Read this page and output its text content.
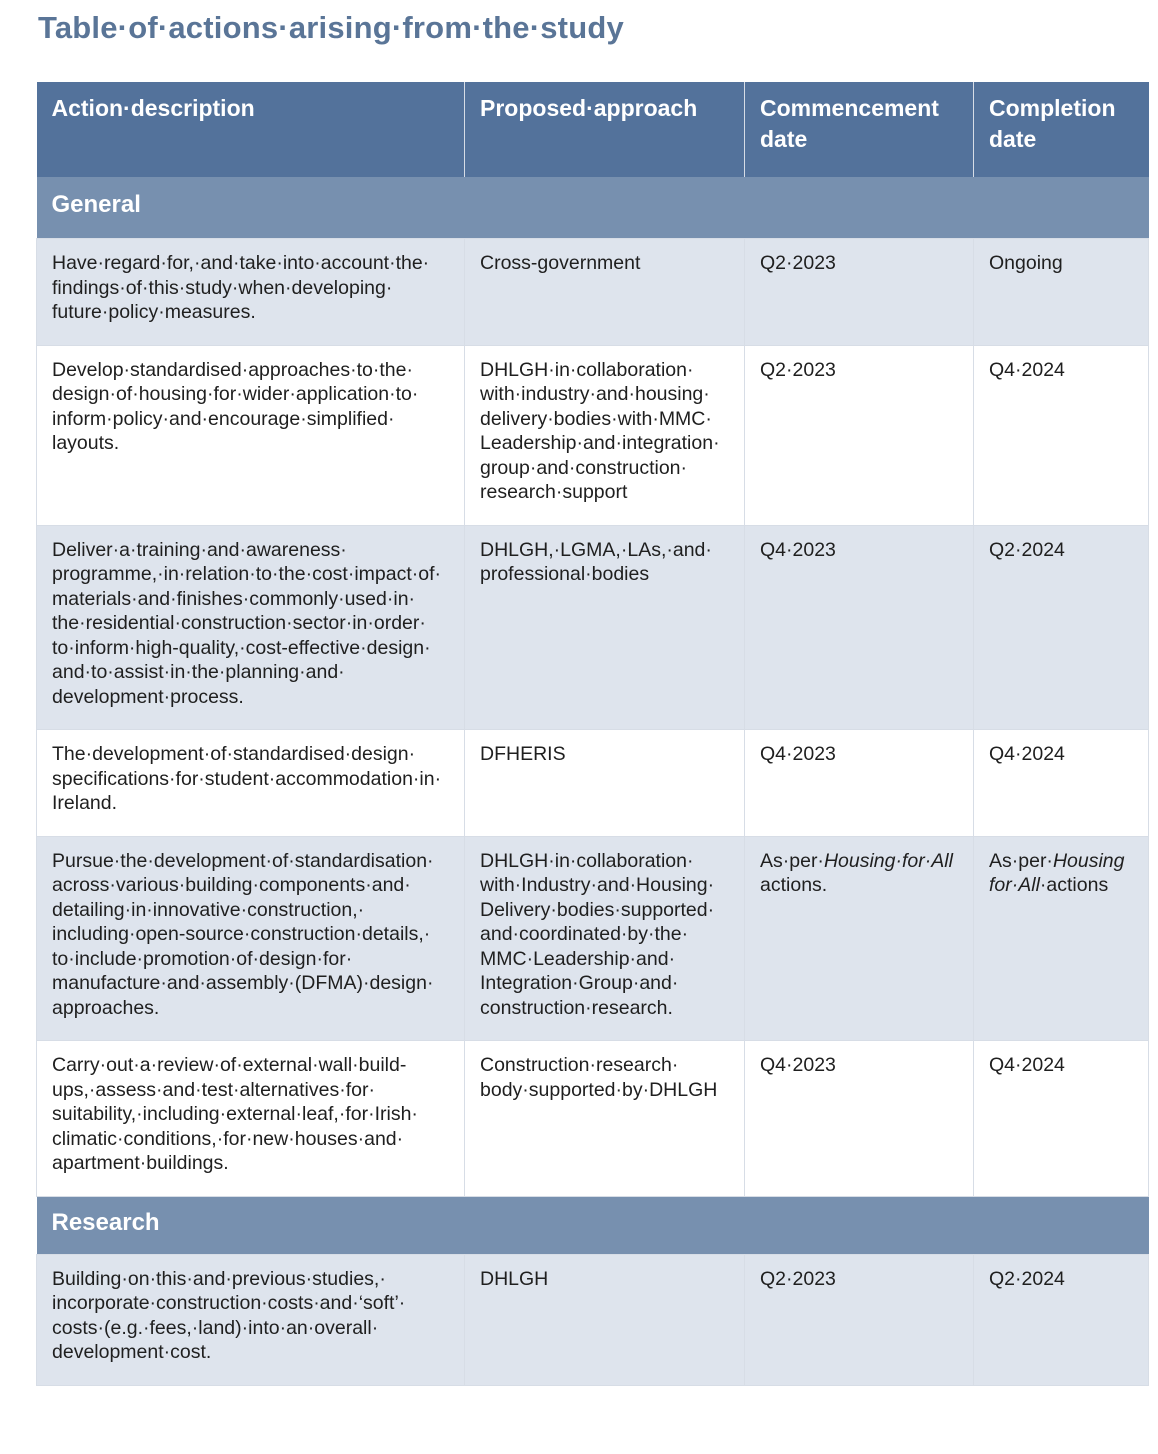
Table·of·actions·arising·from·the·study
Action·description	Proposed·approach	Commencement date	Completion date
General			
Have·regard·for,·and·take·into·account·the· findings·of·this·study·when·developing· future·policy·measures.	Cross-government	Q2·2023	Ongoing
Develop·standardised·approaches·to·the· design·of·housing·for·wider·application·to· inform·policy·and·encourage·simplified· layouts.	DHLGH·in·collaboration· with·industry·and·housing· delivery·bodies·with·MMC· Leadership·and·integration· group·and·construction· research·support	Q2·2023	Q4·2024
Deliver·a·training·and·awareness· programme,·in·relation·to·the·cost·impact·of· materials·and·finishes·commonly·used·in· the·residential·construction·sector·in·order· to·inform·high-quality,·cost-effective·design· and·to·assist·in·the·planning·and· development·process.	DHLGH,·LGMA,·LAs,·and· professional·bodies	Q4·2023	Q2·2024
The·development·of·standardised·design· specifications·for·student·accommodation·in· Ireland.	DFHERIS	Q4·2023	Q4·2024
Pursue·the·development·of·standardisation· across·various·building·components·and· detailing·in·innovative·construction,· including·open-source·construction·details,· to·include·promotion·of·design·for· manufacture·and·assembly·(DFMA)·design· approaches.	DHLGH·in·collaboration· with·Industry·and·Housing· Delivery·bodies·supported· and·coordinated·by·the· MMC·Leadership·and· Integration·Group·and· construction·research.	As·per·Housing·for·All actions.	As·per·Housing for·All·actions
Carry·out·a·review·of·external·wall·build-ups,·assess·and·test·alternatives·for· suitability,·including·external·leaf,·for·Irish· climatic·conditions,·for·new·houses·and· apartment·buildings.	Construction·research· body·supported·by·DHLGH	Q4·2023	Q4·2024
Research			
Building·on·this·and·previous·studies,· incorporate·construction·costs·and·‘soft’· costs·(e.g.·fees,·land)·into·an·overall· development·cost.	DHLGH	Q2·2023	Q2·2024
